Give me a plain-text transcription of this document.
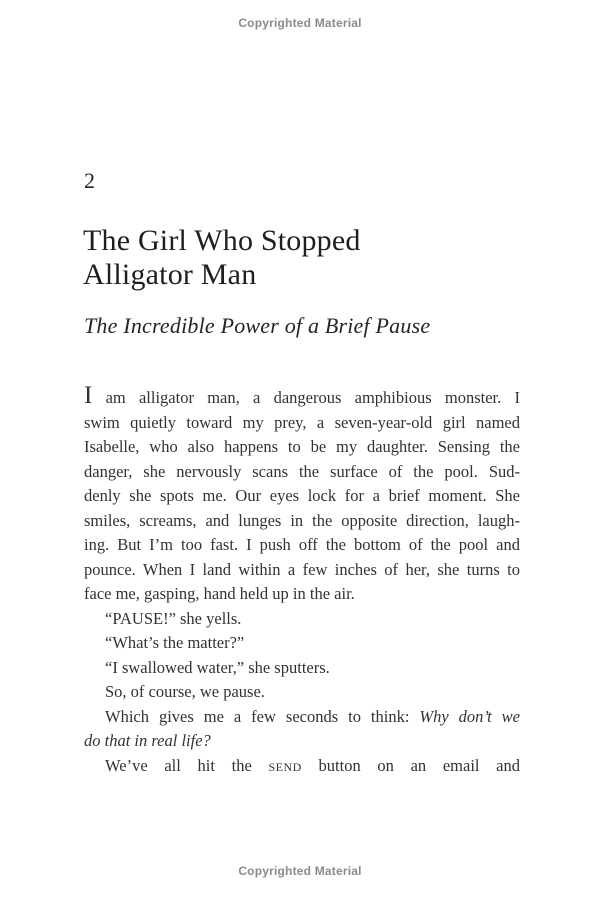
Copyrighted Material
2
The Girl Who Stopped
Alligator Man
The Incredible Power of a Brief Pause
I am alligator man, a dangerous amphibious monster. I
swim quietly toward my prey, a seven-year-old girl named
Isabelle, who also happens to be my daughter. Sensing the
danger, she nervously scans the surface of the pool. Sud-
denly she spots me. Our eyes lock for a brief moment. She
smiles, screams, and lunges in the opposite direction, laugh-
ing. But I’m too fast. I push off the bottom of the pool and
pounce. When I land within a few inches of her, she turns to
face me, gasping, hand held up in the air.
“PAUSE!” she yells.
“What’s the matter?”
“I swallowed water,” she sputters.
So, of course, we pause.
Which gives me a few seconds to think: Why don’t we
do that in real life?
We’ve all hit the send button on an email and
Copyrighted Material
